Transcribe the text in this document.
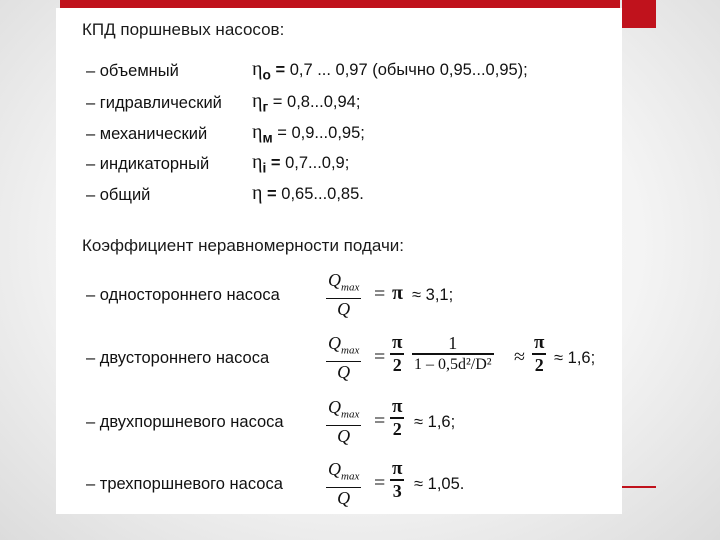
КПД поршневых насосов:
– объемный	$\eta_о = 0,7$ ... 0,97 (обычно 0,95...0,95);
– гидравлический $\eta_г = 0,8...0,94$;
– механический $\eta_м = 0,9...0,95$;
– индикаторный $\eta_i = 0,7...0,9$;
– общий	η = 0,65...0,85.
Коэффициент неравномерности подачи:
– одностороннего насоса
$Q_{max}$
Q
= π ≈ 3,1;
– двустороннего насоса
$Q_{max}$
Q
=
π
2
1
1 – 0,5d²/D² ≈
π
2 ≈ 1,6;
– двухпоршневого насоса
$Q_{max}$
Q
=
π
2 ≈ 1,6;
– трехпоршневого насоса
$Q_{max}$
Q
=
π
3 ≈ 1,05.
